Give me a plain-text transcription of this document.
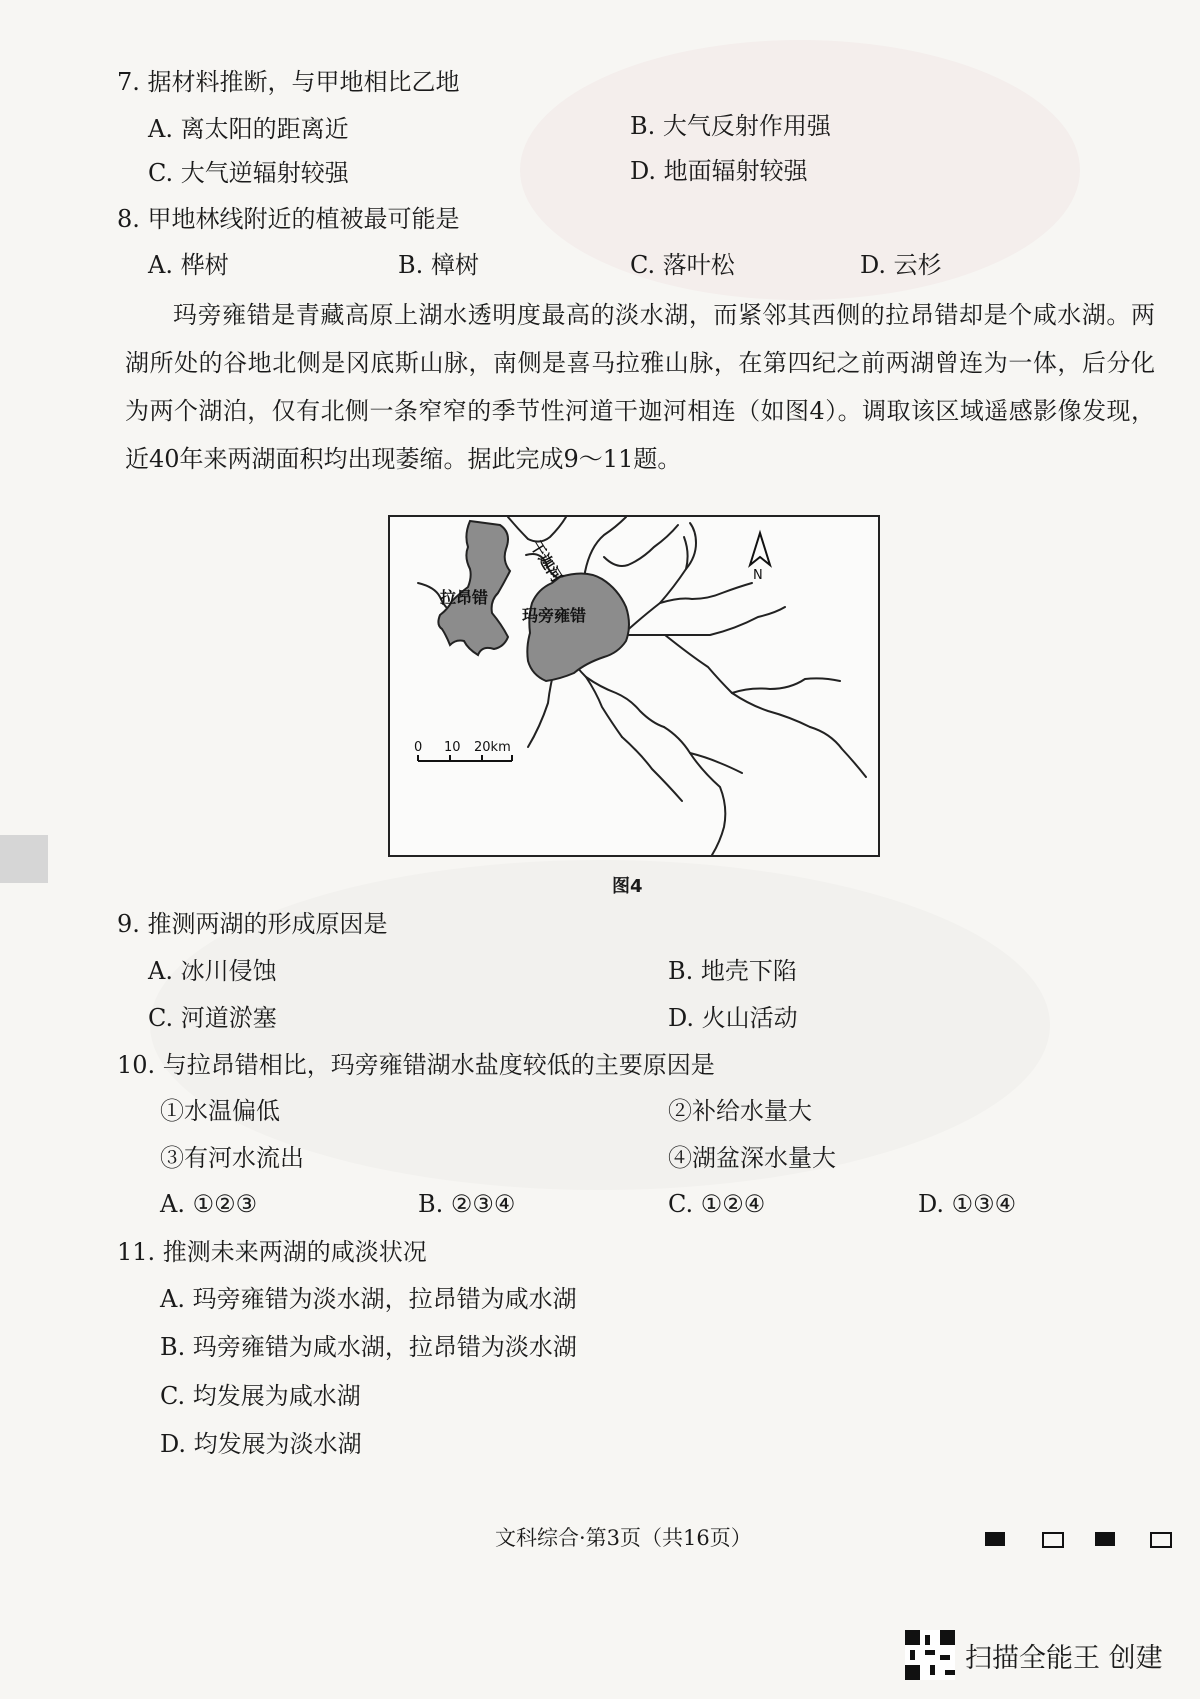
7. 据材料推断，与甲地相比乙地
A. 离太阳的距离近	B. 大气反射作用强
C. 大气逆辐射较强	D. 地面辐射较强
8. 甲地林线附近的植被最可能是
A. 桦树	B. 樟树	C. 落叶松	D. 云杉
玛旁雍错是青藏高原上湖水透明度最高的淡水湖，而紧邻其西侧的拉昂错却是个咸水湖。两湖所处的谷地北侧是冈底斯山脉，南侧是喜马拉雅山脉，在第四纪之前两湖曾连为一体，后分化为两个湖泊，仅有北侧一条窄窄的季节性河道干迦河相连（如图4）。调取该区域遥感影像发现，近40年来两湖面积均出现萎缩。据此完成9～11题。
拉昂错
玛旁雍错
干迦河	N
0 10 20km
图4
9. 推测两湖的形成原因是
A. 冰川侵蚀	B. 地壳下陷
C. 河道淤塞	D. 火山活动
10. 与拉昂错相比，玛旁雍错湖水盐度较低的主要原因是
①水温偏低	②补给水量大
③有河水流出	④湖盆深水量大
A. ①②③	B. ②③④	C. ①②④	D. ①③④
11. 推测未来两湖的咸淡状况
A. 玛旁雍错为淡水湖，拉昂错为咸水湖
B. 玛旁雍错为咸水湖，拉昂错为淡水湖
C. 均发展为咸水湖
D. 均发展为淡水湖
文科综合·第3页（共16页）
扫描全能王 创建
